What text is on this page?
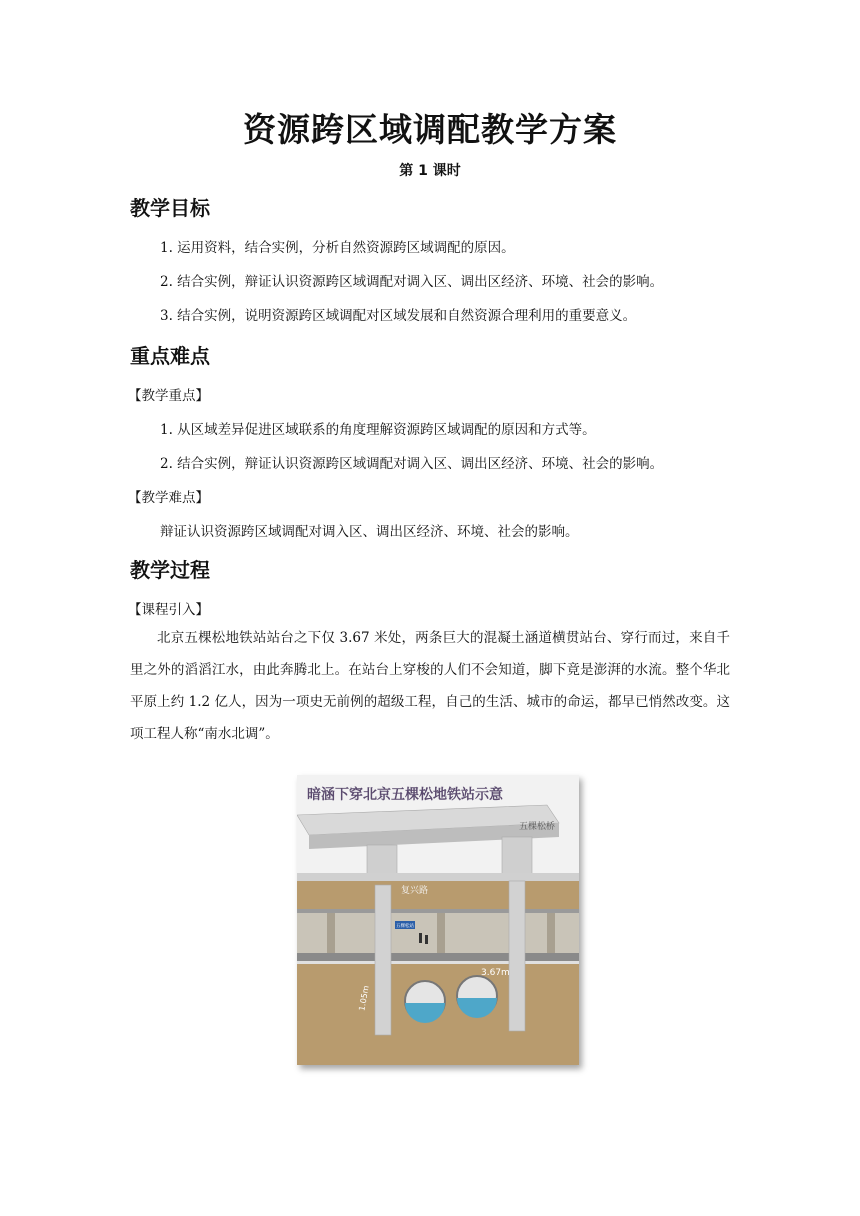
资源跨区域调配教学方案
第 1 课时
教学目标
1. 运用资料，结合实例，分析自然资源跨区域调配的原因。
2. 结合实例，辩证认识资源跨区域调配对调入区、调出区经济、环境、社会的影响。
3. 结合实例，说明资源跨区域调配对区域发展和自然资源合理利用的重要意义。
重点难点
【教学重点】
1. 从区域差异促进区域联系的角度理解资源跨区域调配的原因和方式等。
2. 结合实例，辩证认识资源跨区域调配对调入区、调出区经济、环境、社会的影响。
【教学难点】
辩证认识资源跨区域调配对调入区、调出区经济、环境、社会的影响。
教学过程
【课程引入】

北京五棵松地铁站站台之下仅 3.67 米处，两条巨大的混凝土涵道横贯站台、穿行而过，来自千里之外的滔滔江水，由此奔腾北上。在站台上穿梭的人们不会知道，脚下竟是澎湃的水流。整个华北平原上约 1.2 亿人，因为一项史无前例的超级工程，自己的生活、城市的命运，都早已悄然改变。这项工程人称“南水北调”。

暗涵下穿北京五棵松地铁站示意
五棵松桥
复兴路
五棵松站
3.67m
1.05m
